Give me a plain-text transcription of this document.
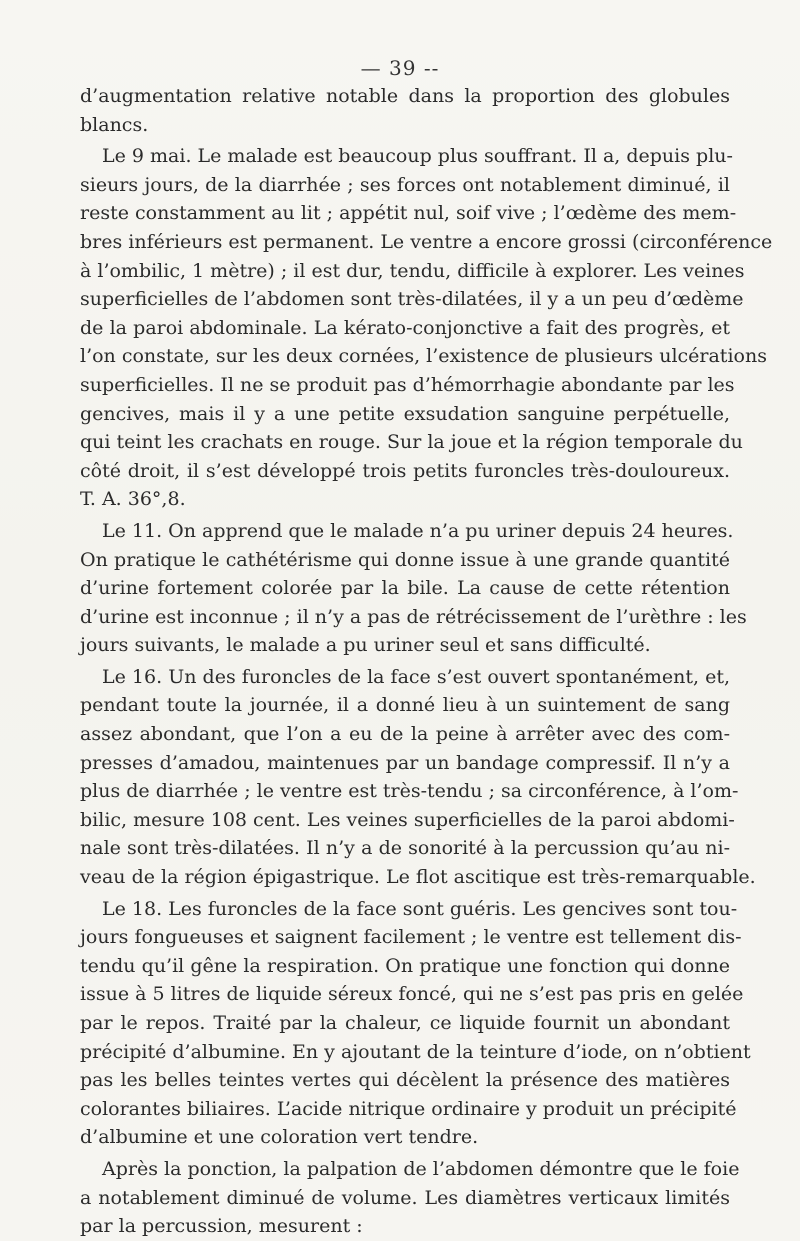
— 39 --
d’augmentation relative notable dans la proportion des globules
blancs.
Le 9 mai. Le malade est beaucoup plus souffrant. Il a, depuis plu-
sieurs jours, de la diarrhée ; ses forces ont notablement diminué, il
reste constamment au lit ; appétit nul, soif vive ; l’œdème des mem-
bres inférieurs est permanent. Le ventre a encore grossi (circonférence
à l’ombilic, 1 mètre) ; il est dur, tendu, difficile à explorer. Les veines
superficielles de l’abdomen sont très-dilatées, il y a un peu d’œdème
de la paroi abdominale. La kérato-conjonctive a fait des progrès, et
l’on constate, sur les deux cornées, l’existence de plusieurs ulcérations
superficielles. Il ne se produit pas d’hémorrhagie abondante par les
gencives, mais il y a une petite exsudation sanguine perpétuelle,
qui teint les crachats en rouge. Sur la joue et la région temporale du
côté droit, il s’est développé trois petits furoncles très-douloureux.
T. A. 36°,8.
Le 11. On apprend que le malade n’a pu uriner depuis 24 heures.
On pratique le cathétérisme qui donne issue à une grande quantité
d’urine fortement colorée par la bile. La cause de cette rétention
d’urine est inconnue ; il n’y a pas de rétrécissement de l’urèthre : les
jours suivants, le malade a pu uriner seul et sans difficulté.
Le 16. Un des furoncles de la face s’est ouvert spontanément, et,
pendant toute la journée, il a donné lieu à un suintement de sang
assez abondant, que l’on a eu de la peine à arrêter avec des com-
presses d’amadou, maintenues par un bandage compressif. Il n’y a
plus de diarrhée ; le ventre est très-tendu ; sa circonférence, à l’om-
bilic, mesure 108 cent. Les veines superficielles de la paroi abdomi-
nale sont très-dilatées. Il n’y a de sonorité à la percussion qu’au ni-
veau de la région épigastrique. Le flot ascitique est très-remarquable.
Le 18. Les furoncles de la face sont guéris. Les gencives sont tou-
jours fongueuses et saignent facilement ; le ventre est tellement dis-
tendu qu’il gêne la respiration. On pratique une fonction qui donne
issue à 5 litres de liquide séreux foncé, qui ne s’est pas pris en gelée
par le repos. Traité par la chaleur, ce liquide fournit un abondant
précipité d’albumine. En y ajoutant de la teinture d’iode, on n’obtient
pas les belles teintes vertes qui décèlent la présence des matières
colorantes biliaires. L’acide nitrique ordinaire y produit un précipité
d’albumine et une coloration vert tendre.
Après la ponction, la palpation de l’abdomen démontre que le foie
a notablement diminué de volume. Les diamètres verticaux limités
par la percussion, mesurent :
